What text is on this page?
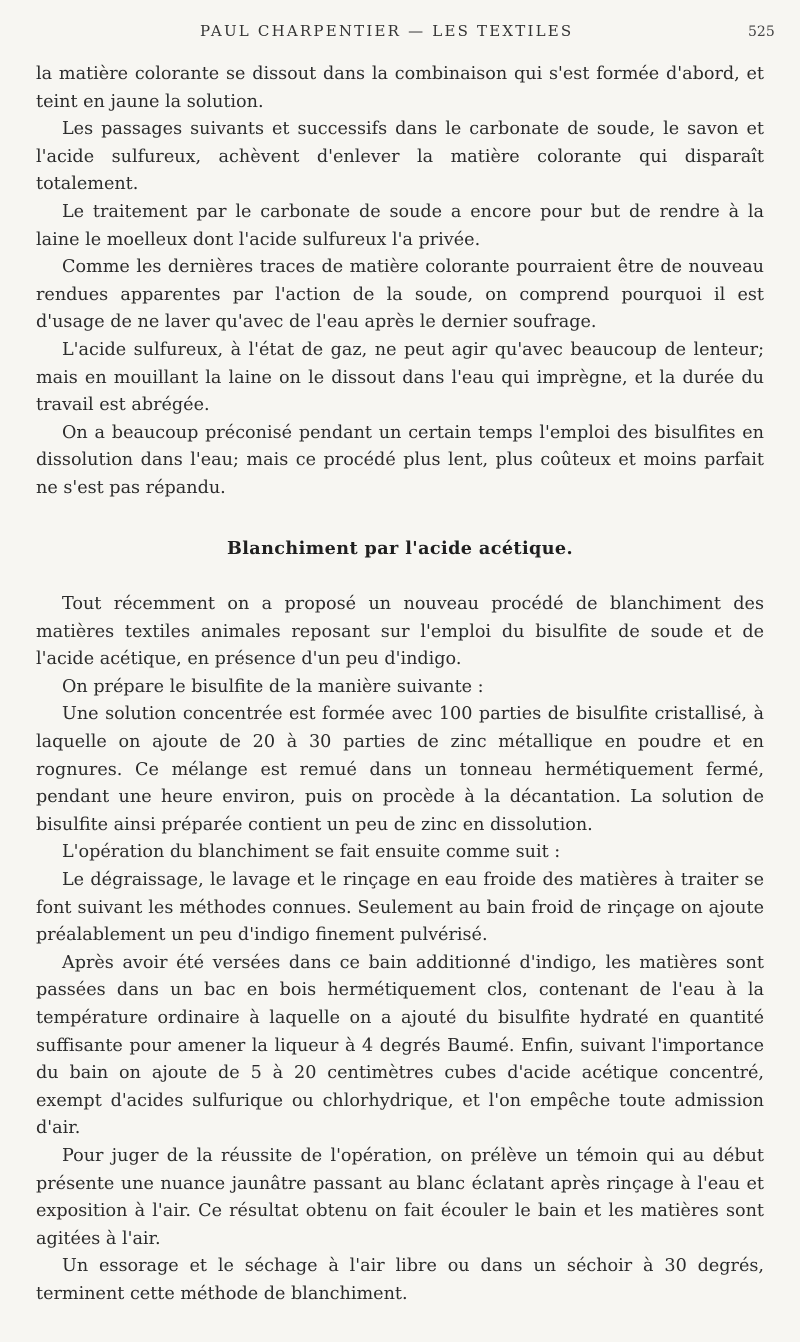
PAUL CHARPENTIER — LES TEXTILES	525

la matière colorante se dissout dans la combinaison qui s'est formée d'abord, et teint en jaune la solution.

Les passages suivants et successifs dans le carbonate de soude, le savon et l'acide sulfureux, achèvent d'enlever la matière colorante qui disparaît totalement.

Le traitement par le carbonate de soude a encore pour but de rendre à la laine le moelleux dont l'acide sulfureux l'a privée.

Comme les dernières traces de matière colorante pourraient être de nouveau rendues apparentes par l'action de la soude, on comprend pourquoi il est d'usage de ne laver qu'avec de l'eau après le dernier soufrage.

L'acide sulfureux, à l'état de gaz, ne peut agir qu'avec beaucoup de lenteur; mais en mouillant la laine on le dissout dans l'eau qui imprègne, et la durée du travail est abrégée.

On a beaucoup préconisé pendant un certain temps l'emploi des bisulfites en dissolution dans l'eau; mais ce procédé plus lent, plus coûteux et moins parfait ne s'est pas répandu.

Blanchiment par l'acide acétique.

Tout récemment on a proposé un nouveau procédé de blanchiment des matières textiles animales reposant sur l'emploi du bisulfite de soude et de l'acide acétique, en présence d'un peu d'indigo.

On prépare le bisulfite de la manière suivante :

Une solution concentrée est formée avec 100 parties de bisulfite cristallisé, à laquelle on ajoute de 20 à 30 parties de zinc métallique en poudre et en rognures. Ce mélange est remué dans un tonneau hermétiquement fermé, pendant une heure environ, puis on procède à la décantation. La solution de bisulfite ainsi préparée contient un peu de zinc en dissolution.

L'opération du blanchiment se fait ensuite comme suit :

Le dégraissage, le lavage et le rinçage en eau froide des matières à traiter se font suivant les méthodes connues. Seulement au bain froid de rinçage on ajoute préalablement un peu d'indigo finement pulvérisé.

Après avoir été versées dans ce bain additionné d'indigo, les matières sont passées dans un bac en bois hermétiquement clos, contenant de l'eau à la température ordinaire à laquelle on a ajouté du bisulfite hydraté en quantité suffisante pour amener la liqueur à 4 degrés Baumé. Enfin, suivant l'importance du bain on ajoute de 5 à 20 centimètres cubes d'acide acétique concentré, exempt d'acides sulfurique ou chlorhydrique, et l'on empêche toute admission d'air.

Pour juger de la réussite de l'opération, on prélève un témoin qui au début présente une nuance jaunâtre passant au blanc éclatant après rinçage à l'eau et exposition à l'air. Ce résultat obtenu on fait écouler le bain et les matières sont agitées à l'air.

Un essorage et le séchage à l'air libre ou dans un séchoir à 30 degrés, terminent cette méthode de blanchiment.
